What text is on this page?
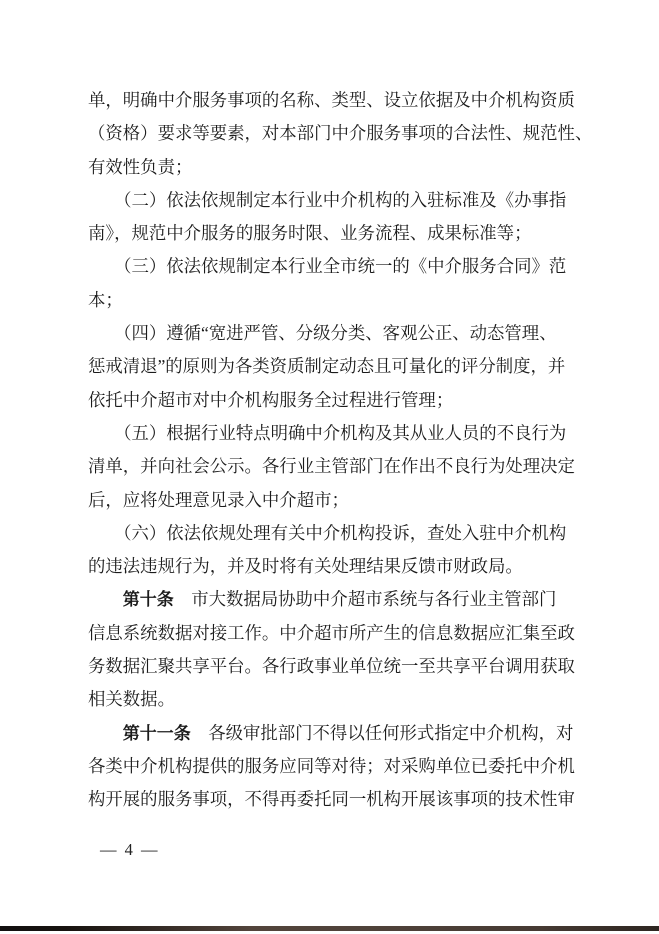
单，明确中介服务事项的名称、类型、设立依据及中介机构资质
（资格）要求等要素，对本部门中介服务事项的合法性、规范性、
有效性负责；
　　（二）依法依规制定本行业中介机构的入驻标准及《办事指
南》，规范中介服务的服务时限、业务流程、成果标准等；
　　（三）依法依规制定本行业全市统一的《中介服务合同》范
本；
　　（四）遵循“宽进严管、分级分类、客观公正、动态管理、
惩戒清退”的原则为各类资质制定动态且可量化的评分制度，并
依托中介超市对中介机构服务全过程进行管理；
　　（五）根据行业特点明确中介机构及其从业人员的不良行为
清单，并向社会公示。各行业主管部门在作出不良行为处理决定
后，应将处理意见录入中介超市；
　　（六）依法依规处理有关中介机构投诉，查处入驻中介机构
的违法违规行为，并及时将有关处理结果反馈市财政局。
　　第十条　市大数据局协助中介超市系统与各行业主管部门
信息系统数据对接工作。中介超市所产生的信息数据应汇集至政
务数据汇聚共享平台。各行政事业单位统一至共享平台调用获取
相关数据。
　　第十一条　各级审批部门不得以任何形式指定中介机构，对
各类中介机构提供的服务应同等对待；对采购单位已委托中介机
构开展的服务事项，不得再委托同一机构开展该事项的技术性审
— 4 —
